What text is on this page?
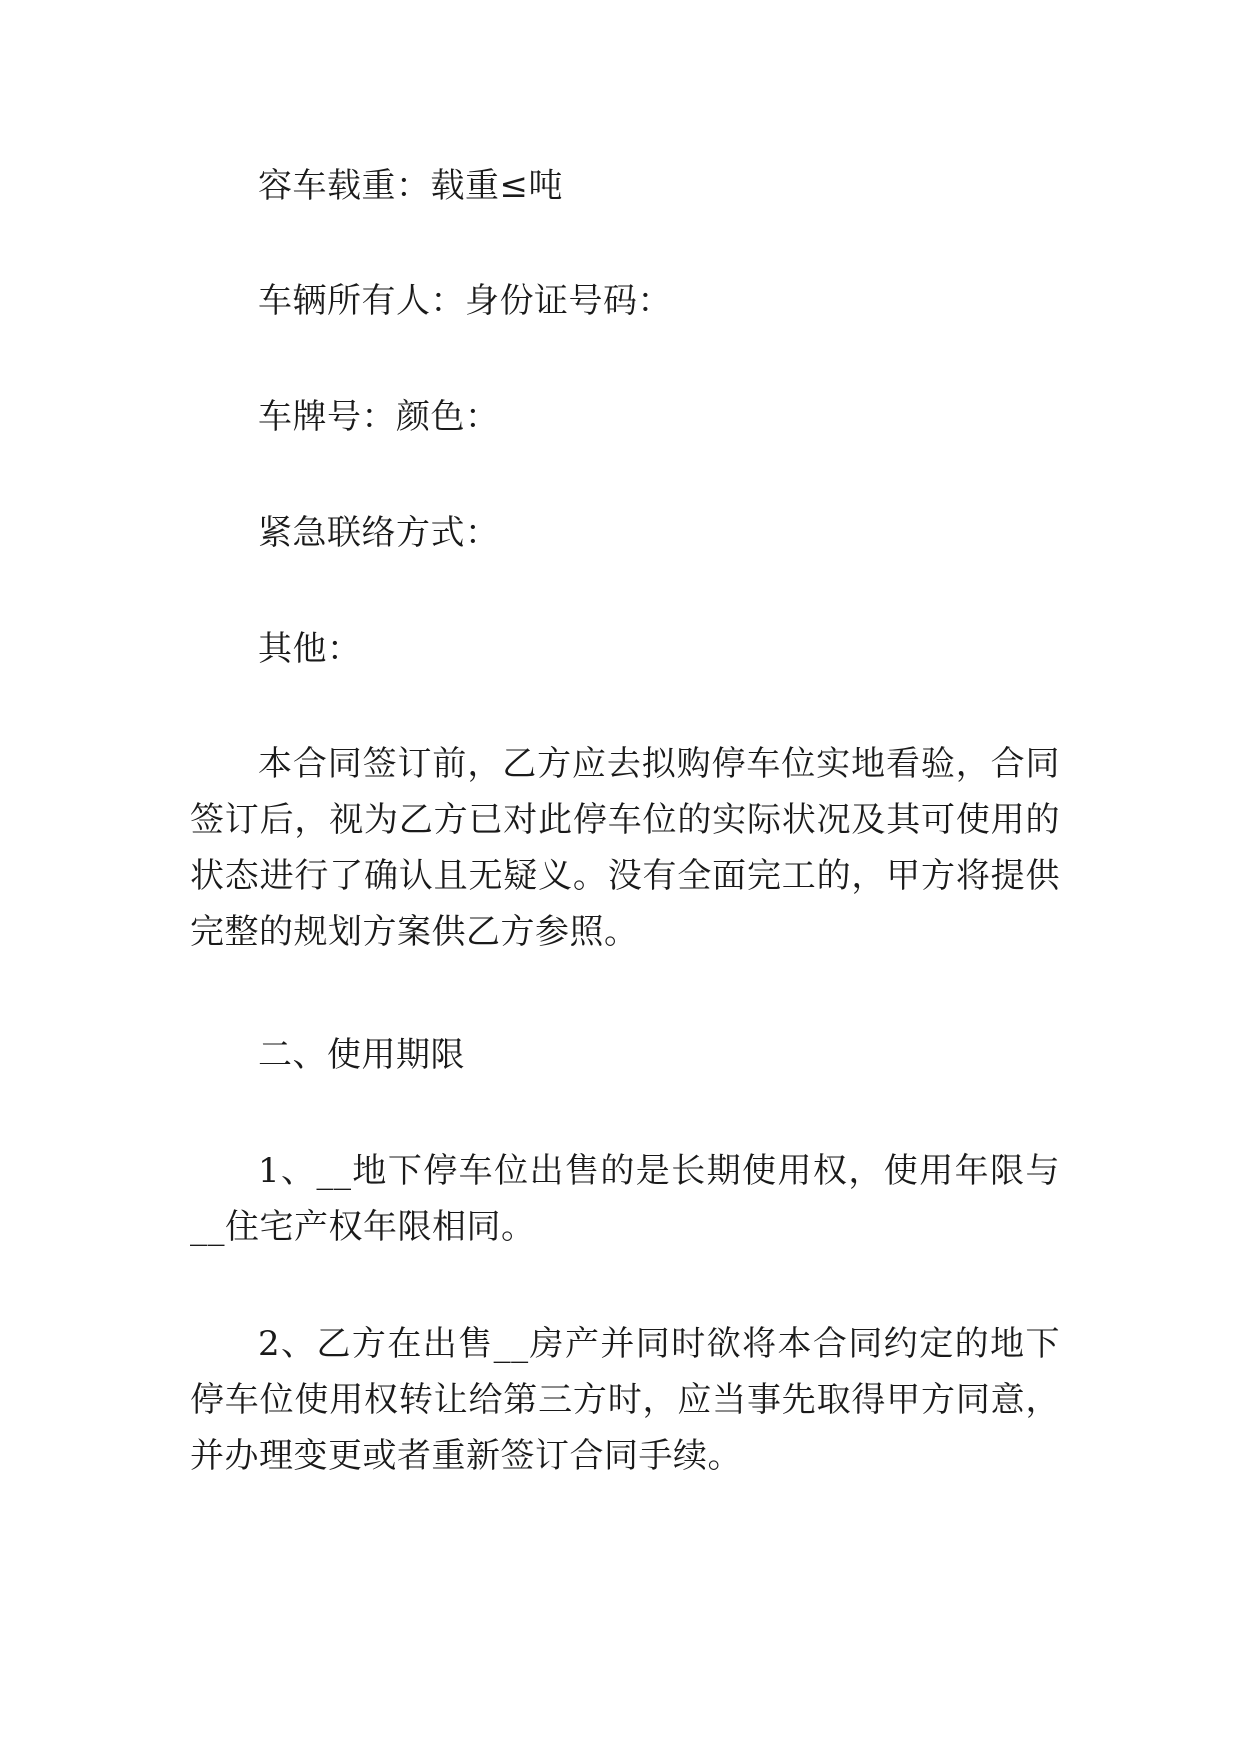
容车载重：载重≤吨

车辆所有人：身份证号码：

车牌号：颜色：

紧急联络方式：

其他：

本合同签订前，乙方应去拟购停车位实地看验，合同签订后，视为乙方已对此停车位的实际状况及其可使用的状态进行了确认且无疑义。没有全面完工的，甲方将提供完整的规划方案供乙方参照。

二、使用期限

1、__地下停车位出售的是长期使用权，使用年限与__住宅产权年限相同。

2、乙方在出售__房产并同时欲将本合同约定的地下停车位使用权转让给第三方时，应当事先取得甲方同意，并办理变更或者重新签订合同手续。
